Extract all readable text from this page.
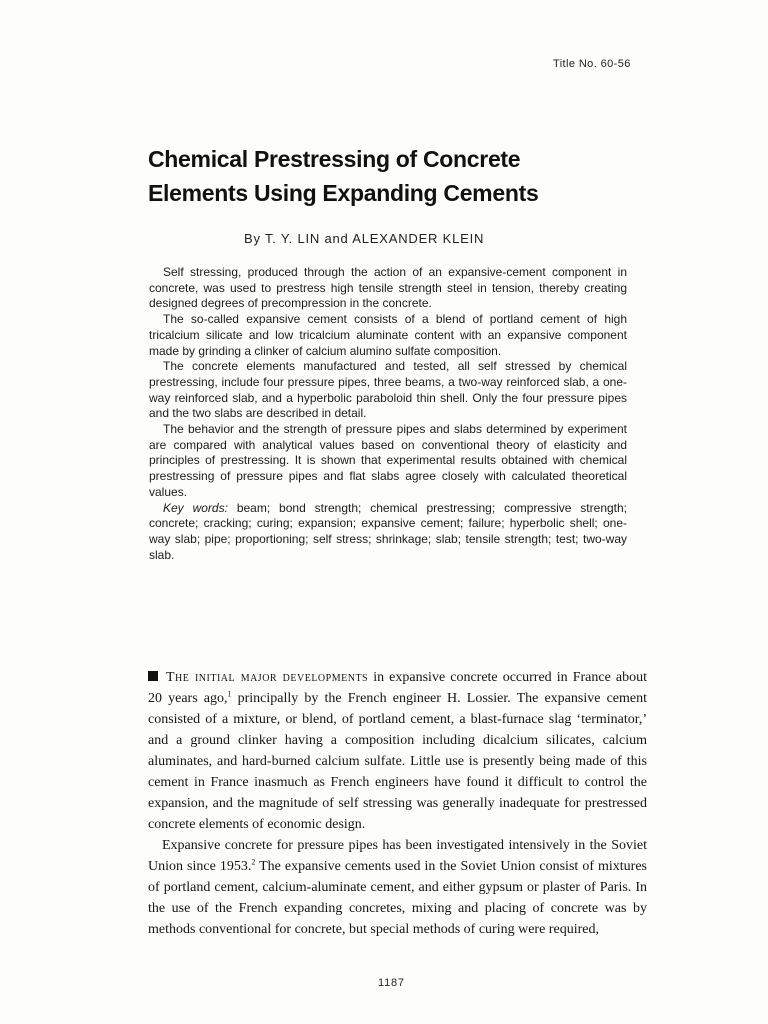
Title No. 60-56
Chemical Prestressing of Concrete
Elements Using Expanding Cements
By T. Y. LIN and ALEXANDER KLEIN

Self stressing, produced through the action of an expansive-cement component in concrete, was used to prestress high tensile strength steel in tension, thereby creating designed degrees of precompression in the concrete.

The so-called expansive cement consists of a blend of portland cement of high tricalcium silicate and low tricalcium aluminate content with an expansive component made by grinding a clinker of calcium alumino sulfate composition.

The concrete elements manufactured and tested, all self stressed by chemical prestressing, include four pressure pipes, three beams, a two-way reinforced slab, a one-way reinforced slab, and a hyperbolic paraboloid thin shell. Only the four pressure pipes and the two slabs are described in detail.

The behavior and the strength of pressure pipes and slabs determined by experiment are compared with analytical values based on conventional theory of elasticity and principles of prestressing. It is shown that experimental results obtained with chemical prestressing of pressure pipes and flat slabs agree closely with calculated theoretical values.

Key words: beam; bond strength; chemical prestressing; compressive strength; concrete; cracking; curing; expansion; expansive cement; failure; hyperbolic shell; one-way slab; pipe; proportioning; self stress; shrinkage; slab; tensile strength; test; two-way slab.

The initial major developments in expansive concrete occurred in France about 20 years ago,$^1$ principally by the French engineer H. Lossier. The expansive cement consisted of a mixture, or blend, of portland cement, a blast-furnace slag ‘terminator,’ and a ground clinker having a composition including dicalcium silicates, calcium aluminates, and hard-burned calcium sulfate. Little use is presently being made of this cement in France inasmuch as French engineers have found it difficult to control the expansion, and the magnitude of self stressing was generally inadequate for prestressed concrete elements of economic design.

Expansive concrete for pressure pipes has been investigated intensively in the Soviet Union since 1953.$^2$ The expansive cements used in the Soviet Union consist of mixtures of portland cement, calcium-aluminate cement, and either gypsum or plaster of Paris. In the use of the French expanding concretes, mixing and placing of concrete was by methods conventional for concrete, but special methods of curing were required,

1187
